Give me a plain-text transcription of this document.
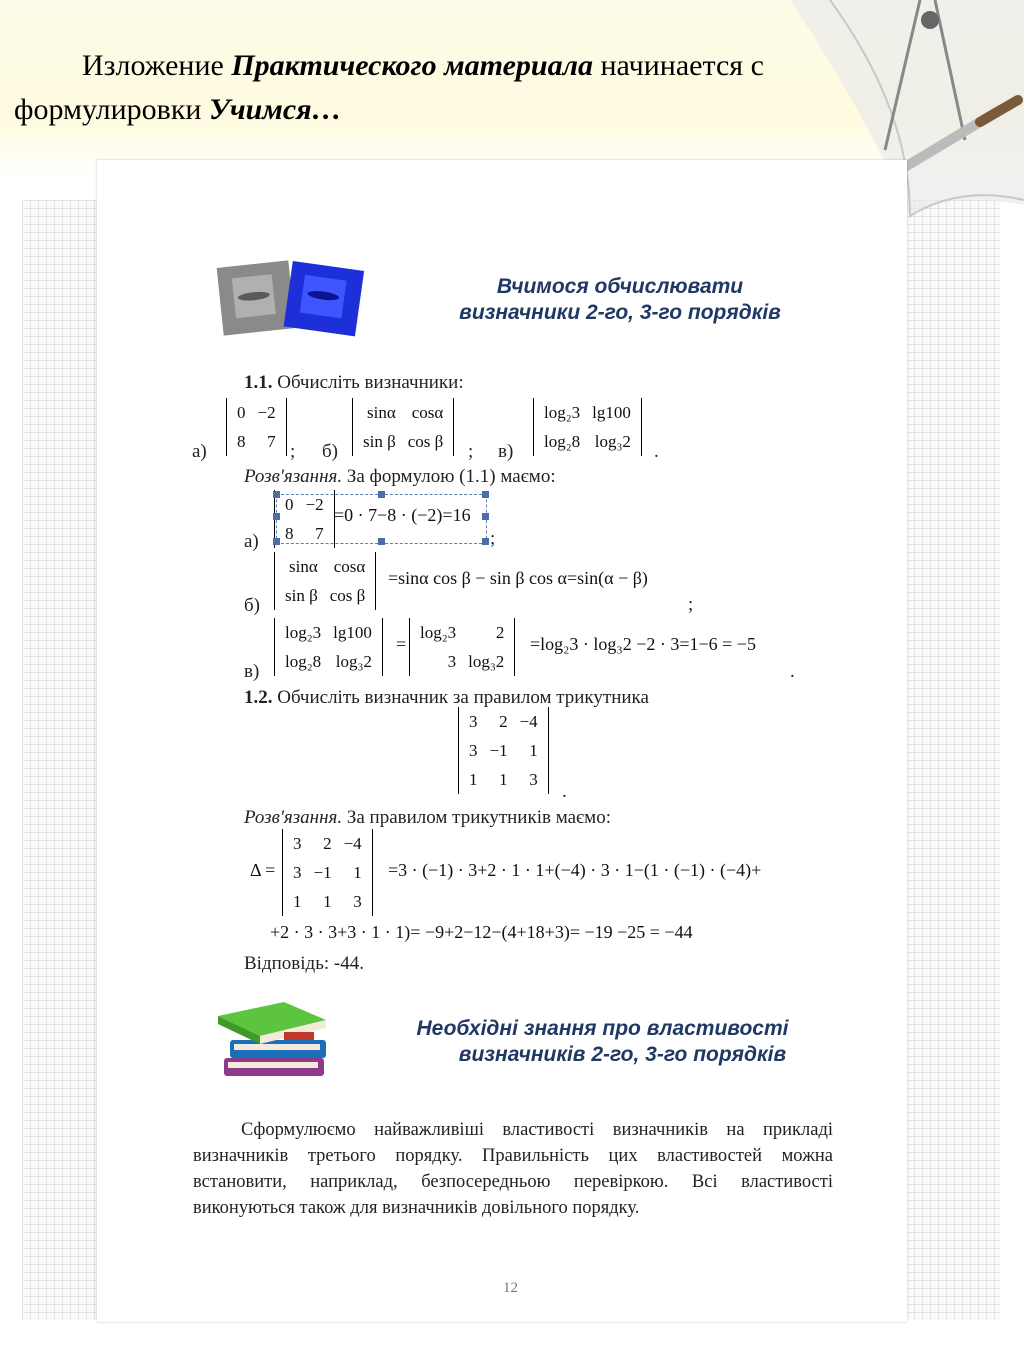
Изложение Практического материала начинается с
формулировки Учимся…
Вчимося обчислювати
визначники 2-го, 3-го порядків
1.1. Обчисліть визначники:
а)
0	−2
8	7 ; б)
sinα	cosα
sin β	cos β ; в)
log₂3	lg100
log₂8	log₃2 .
Розв'язання. За формулою (1.1) маємо:
а)
0	−2
8	7
=0 · 7−8 · (−2)=16
;
б)
sinα	cosα
sin β	cos β
=sinα cos β − sin β cos α=sin(α − β)
;
в)
log₂3	lg100
log₂8	log₃2
=
log₂3	2
3	log₃2
=log₂3 · log₃2 −2 · 3=1−6 = −5
.
1.2. Обчисліть визначник за правилом трикутника
3	2	−4
3	−1	1
1	1	3
.
Розв'язання. За правилом трикутників маємо:
Δ =
3	2	−4
3	−1	1
1	1	3
=3 · (−1) · 3+2 · 1 · 1+(−4) · 3 · 1−(1 · (−1) · (−4)+
+2 · 3 · 3+3 · 1 · 1)= −9+2−12−(4+18+3)= −19 −25 = −44
Відповідь: -44.
Необхідні знання про властивості
визначників 2-го, 3-го порядків
Сформулюємо найважливіші властивості визначників на прикладі визначників третього порядку. Правильність цих властивостей можна встановити, наприклад, безпосередньою перевіркою. Всі властивості виконуються також для визначників довільного порядку.
12
